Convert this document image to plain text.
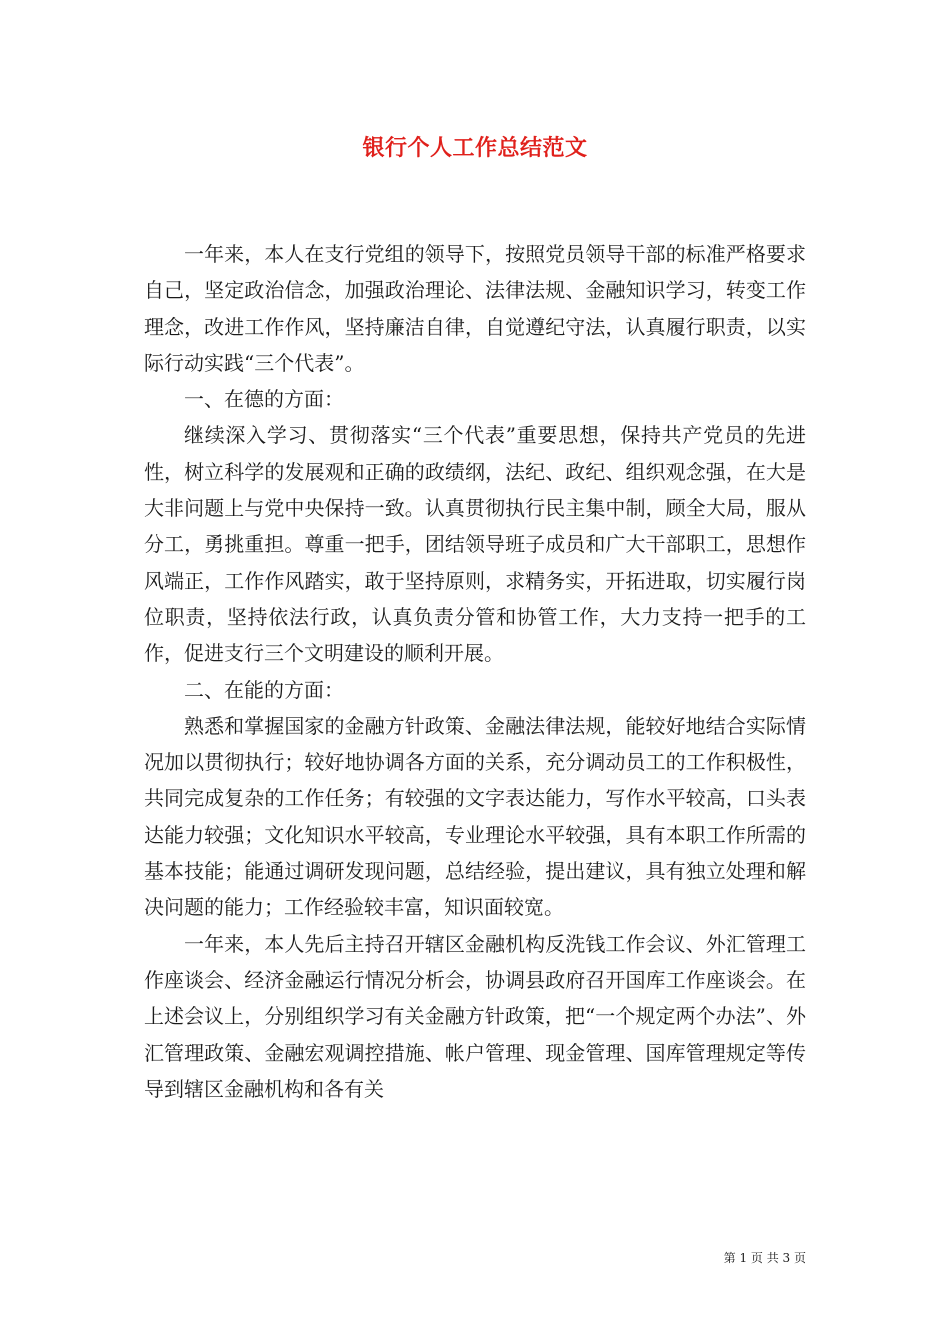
银行个人工作总结范文

一年来，本人在支行党组的领导下，按照党员领导干部的标准严格要求自己，坚定政治信念，加强政治理论、法律法规、金融知识学习，转变工作理念，改进工作作风，坚持廉洁自律，自觉遵纪守法，认真履行职责，以实际行动实践“三个代表”。

一、在德的方面：

继续深入学习、贯彻落实“三个代表”重要思想，保持共产党员的先进性，树立科学的发展观和正确的政绩纲，法纪、政纪、组织观念强，在大是大非问题上与党中央保持一致。认真贯彻执行民主集中制，顾全大局，服从分工，勇挑重担。尊重一把手，团结领导班子成员和广大干部职工，思想作风端正，工作作风踏实，敢于坚持原则，求精务实，开拓进取，切实履行岗位职责，坚持依法行政，认真负责分管和协管工作，大力支持一把手的工作，促进支行三个文明建设的顺利开展。

二、在能的方面：

熟悉和掌握国家的金融方针政策、金融法律法规，能较好地结合实际情况加以贯彻执行；较好地协调各方面的关系，充分调动员工的工作积极性，共同完成复杂的工作任务；有较强的文字表达能力，写作水平较高，口头表达能力较强；文化知识水平较高，专业理论水平较强，具有本职工作所需的基本技能；能通过调研发现问题，总结经验，提出建议，具有独立处理和解决问题的能力；工作经验较丰富，知识面较宽。

一年来，本人先后主持召开辖区金融机构反洗钱工作会议、外汇管理工作座谈会、经济金融运行情况分析会，协调县政府召开国库工作座谈会。在上述会议上，分别组织学习有关金融方针政策，把“一个规定两个办法”、外汇管理政策、金融宏观调控措施、帐户管理、现金管理、国库管理规定等传导到辖区金融机构和各有关

第 1 页 共 3 页
